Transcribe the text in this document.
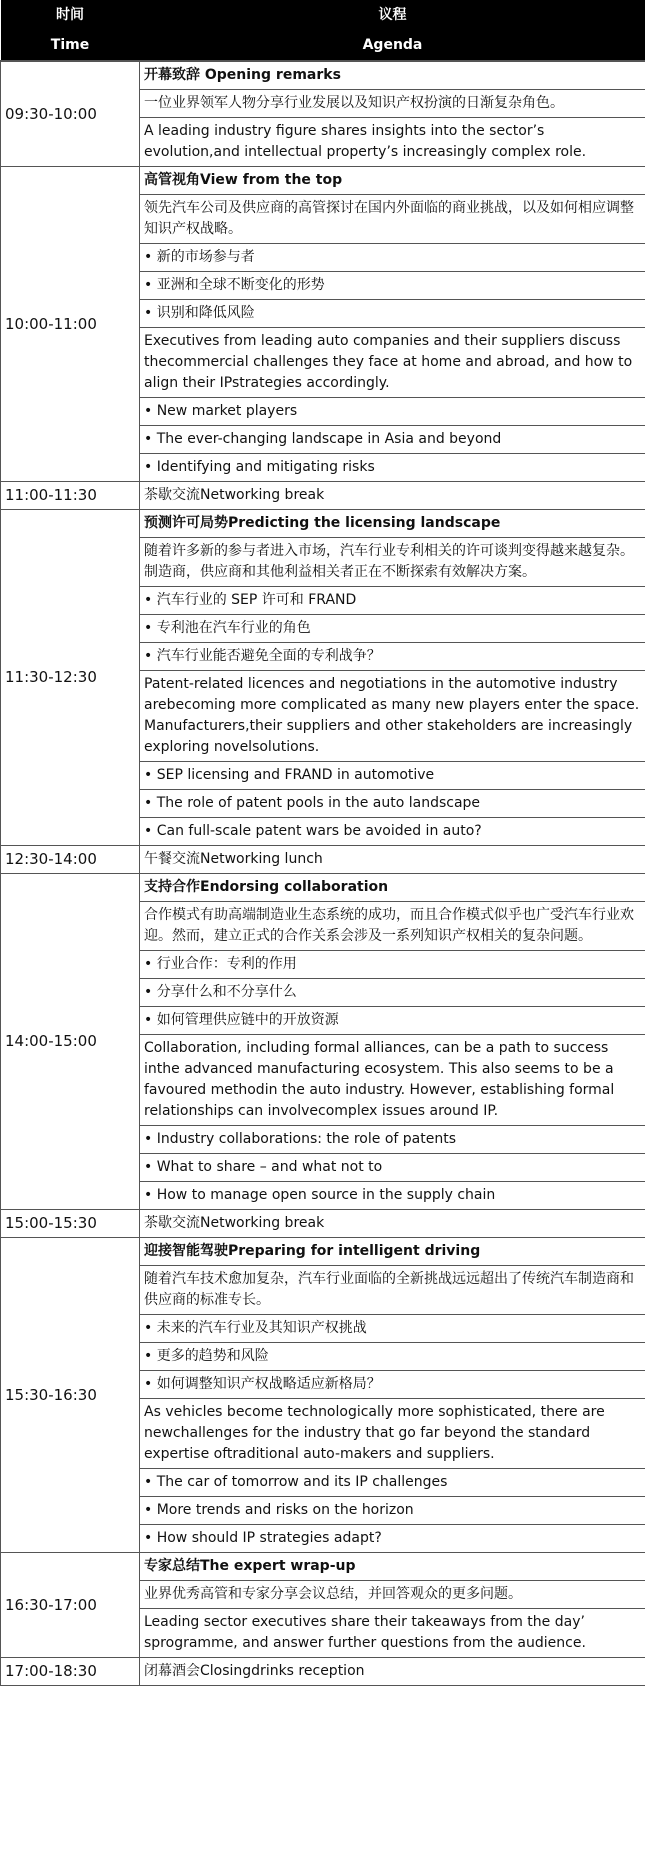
时间	议程
Time	Agenda
09:30-10:00	开幕致辞 Opening remarks
	一位业界领军人物分享行业发展以及知识产权扮演的日渐复杂角色。
	A leading industry figure shares insights into the sector’s evolution,and intellectual property’s increasingly complex role.
10:00-11:00	高管视角View from the top
	领先汽车公司及供应商的高管探讨在国内外面临的商业挑战，以及如何相应调整知识产权战略。
	• 新的市场参与者
	• 亚洲和全球不断变化的形势
	• 识别和降低风险
	Executives from leading auto companies and their suppliers discuss thecommercial challenges they face at home and abroad, and how to align their IPstrategies accordingly.
	• New market players
	• The ever-changing landscape in Asia and beyond
	• Identifying and mitigating risks
11:00-11:30	茶歇交流Networking break
11:30-12:30	预测许可局势Predicting the licensing landscape
	随着许多新的参与者进入市场，汽车行业专利相关的许可谈判变得越来越复杂。制造商，供应商和其他利益相关者正在不断探索有效解决方案。
	• 汽车行业的 SEP 许可和 FRAND
	• 专利池在汽车行业的角色
	• 汽车行业能否避免全面的专利战争？
	Patent-related licences and negotiations in the automotive industry arebecoming more complicated as many new players enter the space. Manufacturers,their suppliers and other stakeholders are increasingly exploring novelsolutions.
	• SEP licensing and FRAND in automotive
	• The role of patent pools in the auto landscape
	• Can full-scale patent wars be avoided in auto?
12:30-14:00	午餐交流Networking lunch
14:00-15:00	支持合作Endorsing collaboration
	合作模式有助高端制造业生态系统的成功，而且合作模式似乎也广受汽车行业欢迎。然而，建立正式的合作关系会涉及一系列知识产权相关的复杂问题。
	• 行业合作：专利的作用
	• 分享什么和不分享什么
	• 如何管理供应链中的开放资源
	Collaboration, including formal alliances, can be a path to success inthe advanced manufacturing ecosystem. This also seems to be a favoured methodin the auto industry. However, establishing formal relationships can involvecomplex issues around IP.
	• Industry collaborations: the role of patents
	• What to share – and what not to
	• How to manage open source in the supply chain
15:00-15:30	茶歇交流Networking break
15:30-16:30	迎接智能驾驶Preparing for intelligent driving
	随着汽车技术愈加复杂，汽车行业面临的全新挑战远远超出了传统汽车制造商和供应商的标准专长。
	• 未来的汽车行业及其知识产权挑战
	• 更多的趋势和风险
	• 如何调整知识产权战略适应新格局？
	As vehicles become technologically more sophisticated, there are newchallenges for the industry that go far beyond the standard expertise oftraditional auto-makers and suppliers.
	• The car of tomorrow and its IP challenges
	• More trends and risks on the horizon
	• How should IP strategies adapt?
16:30-17:00	专家总结The expert wrap-up
	业界优秀高管和专家分享会议总结，并回答观众的更多问题。
	Leading sector executives share their takeaways from the day’ sprogramme, and answer further questions from the audience.
17:00-18:30	闭幕酒会Closingdrinks reception
